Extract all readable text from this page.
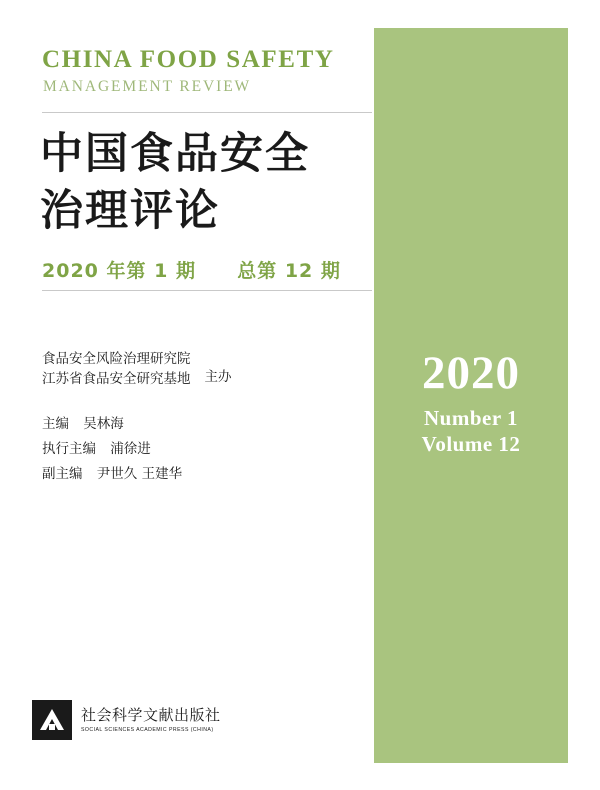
2020
Number 1
Volume 12
CHINA FOOD SAFETY
MANAGEMENT REVIEW
中国食品安全
治理评论
2020 年第 1 期 总第 12 期
食品安全风险治理研究院
江苏省食品安全研究基地 主办
主编 吴林海
执行主编 浦徐进
副主编 尹世久 王建华
社会科学文献出版社
SOCIAL SCIENCES ACADEMIC PRESS (CHINA)
